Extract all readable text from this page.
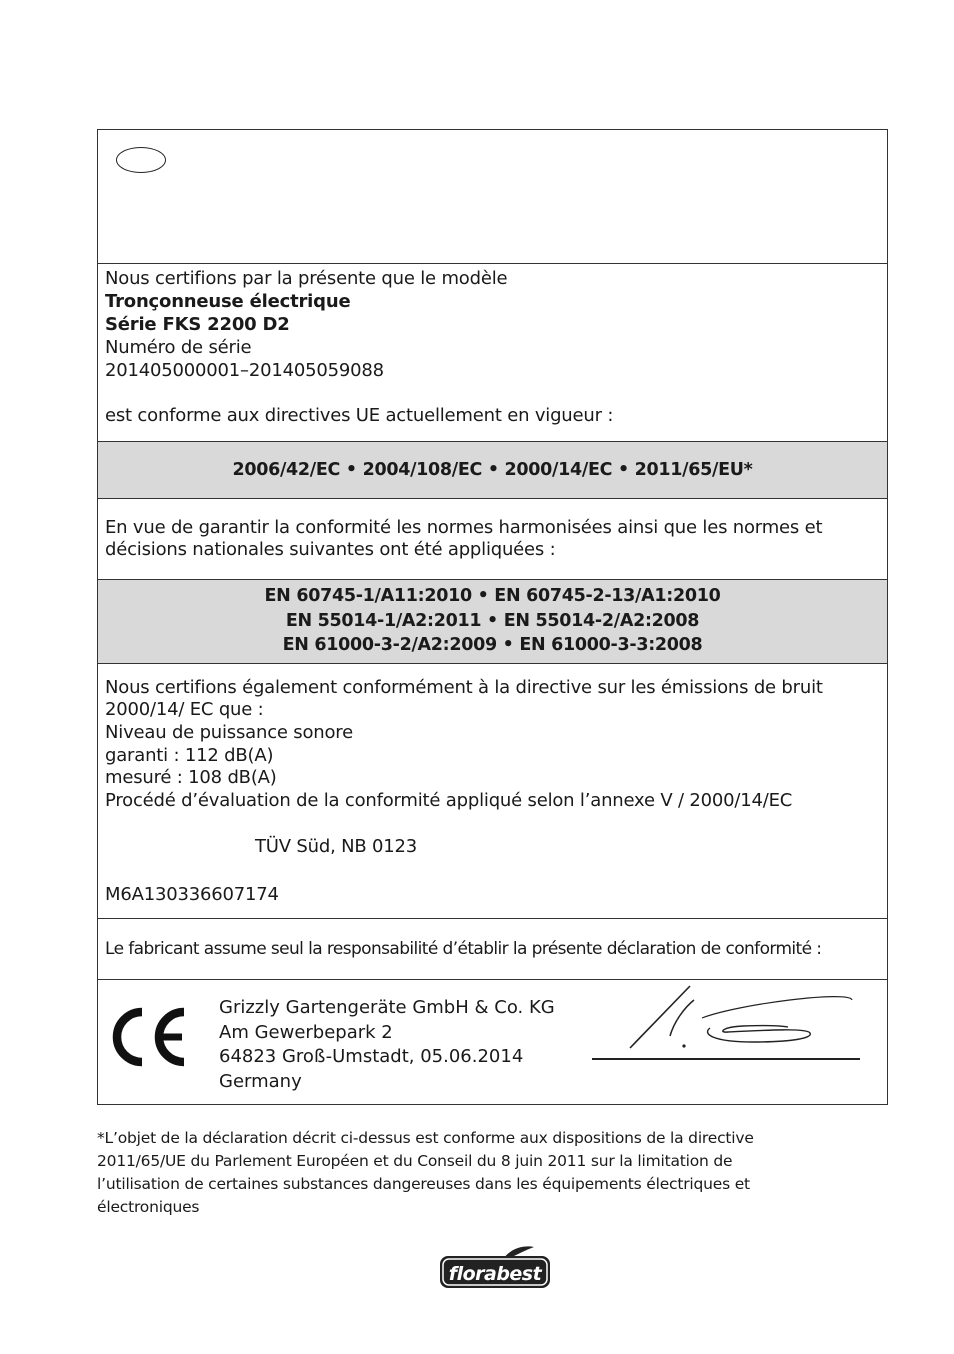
Nous certifions par la présente que le modèle
Tronçonneuse électrique
Série FKS 2200 D2
Numéro de série
201405000001–201405059088
est conforme aux directives UE actuellement en vigueur :
2006/42/EC • 2004/108/EC • 2000/14/EC • 2011/65/EU*
En vue de garantir la conformité les normes harmonisées ainsi que les normes et
décisions nationales suivantes ont été appliquées :
EN 60745-1/A11:2010 • EN 60745-2-13/A1:2010
EN 55014-1/A2:2011 • EN 55014-2/A2:2008
EN 61000-3-2/A2:2009 • EN 61000-3-3:2008
Nous certifions également conformément à la directive sur les émissions de bruit
2000/14/ EC que :
Niveau de puissance sonore
garanti : 112 dB(A)
mesuré : 108 dB(A)
Procédé d’évaluation de la conformité appliqué selon l’annexe V / 2000/14/EC
TÜV Süd, NB 0123
M6A130336607174
Le fabricant assume seul la responsabilité d’établir la présente déclaration de conformité :
Grizzly Gartengeräte GmbH & Co. KG
Am Gewerbepark 2
64823 Groß-Umstadt, 05.06.2014
Germany
*L’objet de la déclaration décrit ci-dessus est conforme aux dispositions de la directive
2011/65/UE du Parlement Européen et du Conseil du 8 juin 2011 sur la limitation de
l’utilisation de certaines substances dangereuses dans les équipements électriques et
électroniques
florabest
